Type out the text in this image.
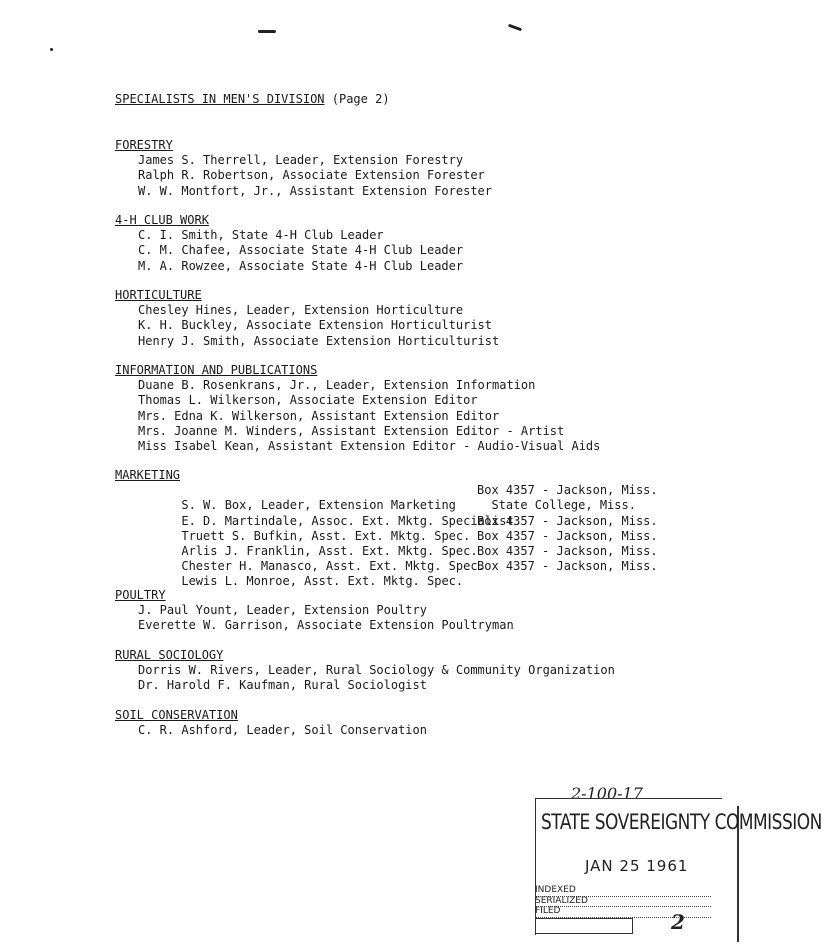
SPECIALISTS IN MEN'S DIVISION (Page 2)
FORESTRY
James S. Therrell, Leader, Extension Forestry
Ralph R. Robertson, Associate Extension Forester
W. W. Montfort, Jr., Assistant Extension Forester
4-H CLUB WORK
C. I. Smith, State 4-H Club Leader
C. M. Chafee, Associate State 4-H Club Leader
M. A. Rowzee, Associate State 4-H Club Leader
HORTICULTURE
Chesley Hines, Leader, Extension Horticulture
K. H. Buckley, Associate Extension Horticulturist
Henry J. Smith, Associate Extension Horticulturist
INFORMATION AND PUBLICATIONS
Duane B. Rosenkrans, Jr., Leader, Extension Information
Thomas L. Wilkerson, Associate Extension Editor
Mrs. Edna K. Wilkerson, Assistant Extension Editor
Mrs. Joanne M. Winders, Assistant Extension Editor - Artist
Miss Isabel Kean, Assistant Extension Editor - Audio-Visual Aids
MARKETING

S. W. Box, Leader, Extension Marketing

Box 4357 - Jackson, Miss.

E. D. Martindale, Assoc. Ext. Mktg. Specialist

State College, Miss.

Truett S. Bufkin, Asst. Ext. Mktg. Spec.

Box 4357 - Jackson, Miss.

Arlis J. Franklin, Asst. Ext. Mktg. Spec.

Box 4357 - Jackson, Miss.

Chester H. Manasco, Asst. Ext. Mktg. Spec.

Box 4357 - Jackson, Miss.

Lewis L. Monroe, Asst. Ext. Mktg. Spec.

Box 4357 - Jackson, Miss.

POULTRY
J. Paul Yount, Leader, Extension Poultry
Everette W. Garrison, Associate Extension Poultryman
RURAL SOCIOLOGY
Dorris W. Rivers, Leader, Rural Sociology & Community Organization
Dr. Harold F. Kaufman, Rural Sociologist
SOIL CONSERVATION
C. R. Ashford, Leader, Soil Conservation
2-100-17
STATE SOVEREIGNTY COMMISSION
JAN 25 1961
INDEXED
SERIALIZED
FILED	2
